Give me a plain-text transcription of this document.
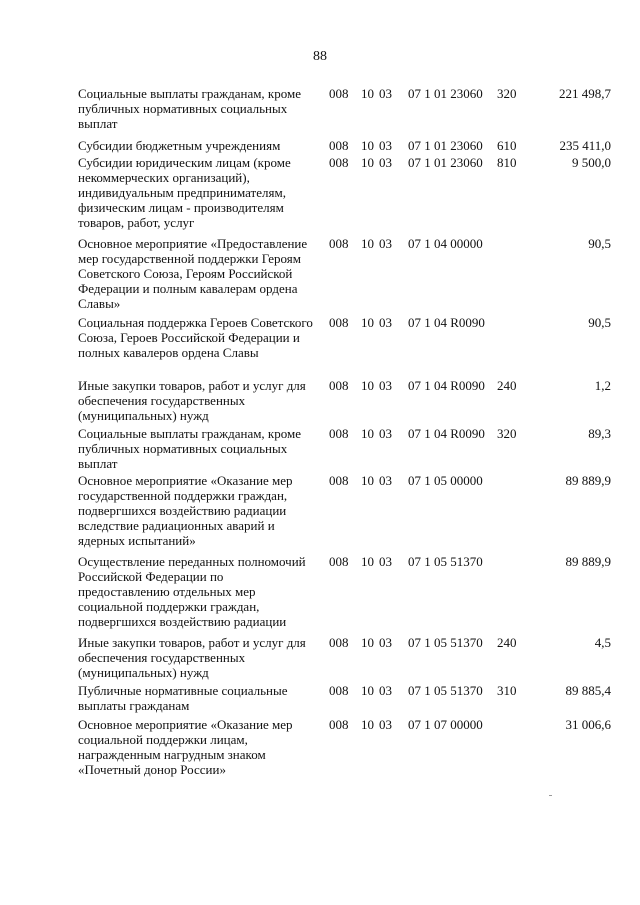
88
Социальные выплаты гражданам, кроме публичных нормативных социальных выплат
008 10 03 07 1 01 23060 320	221 498,7
Субсидии бюджетным учреждениям	008 10 03 07 1 01 23060 610	235 411,0
Субсидии юридическим лицам (кроме некоммерческих организаций), индивидуальным предпринимателям, физическим лицам - производителям товаров, работ, услуг
008 10 03 07 1 01 23060 810	9 500,0
Основное мероприятие «Предоставление мер государственной поддержки Героям Советского Союза, Героям Российской Федерации и полным кавалерам ордена Славы»
008 10 03 07 1 04 00000	90,5
Социальная поддержка Героев Советского Союза, Героев Российской Федерации и полных кавалеров ордена Славы
008 10 03 07 1 04 R0090	90,5
Иные закупки товаров, работ и услуг для обеспечения государственных (муниципальных) нужд
008 10 03 07 1 04 R0090 240	1,2
Социальные выплаты гражданам, кроме публичных нормативных социальных выплат
008 10 03 07 1 04 R0090 320	89,3
Основное мероприятие «Оказание мер государственной поддержки граждан, подвергшихся воздействию радиации вследствие радиационных аварий и ядерных испытаний»
008 10 03 07 1 05 00000	89 889,9
Осуществление переданных полномочий Российской Федерации по предоставлению отдельных мер социальной поддержки граждан, подвергшихся воздействию радиации
008 10 03 07 1 05 51370	89 889,9
Иные закупки товаров, работ и услуг для обеспечения государственных (муниципальных) нужд
008 10 03 07 1 05 51370 240	4,5
Публичные нормативные социальные выплаты гражданам
008 10 03 07 1 05 51370 310	89 885,4
Основное мероприятие «Оказание мер социальной поддержки лицам, награжденным нагрудным знаком «Почетный донор России»
008 10 03 07 1 07 00000	31 006,6
